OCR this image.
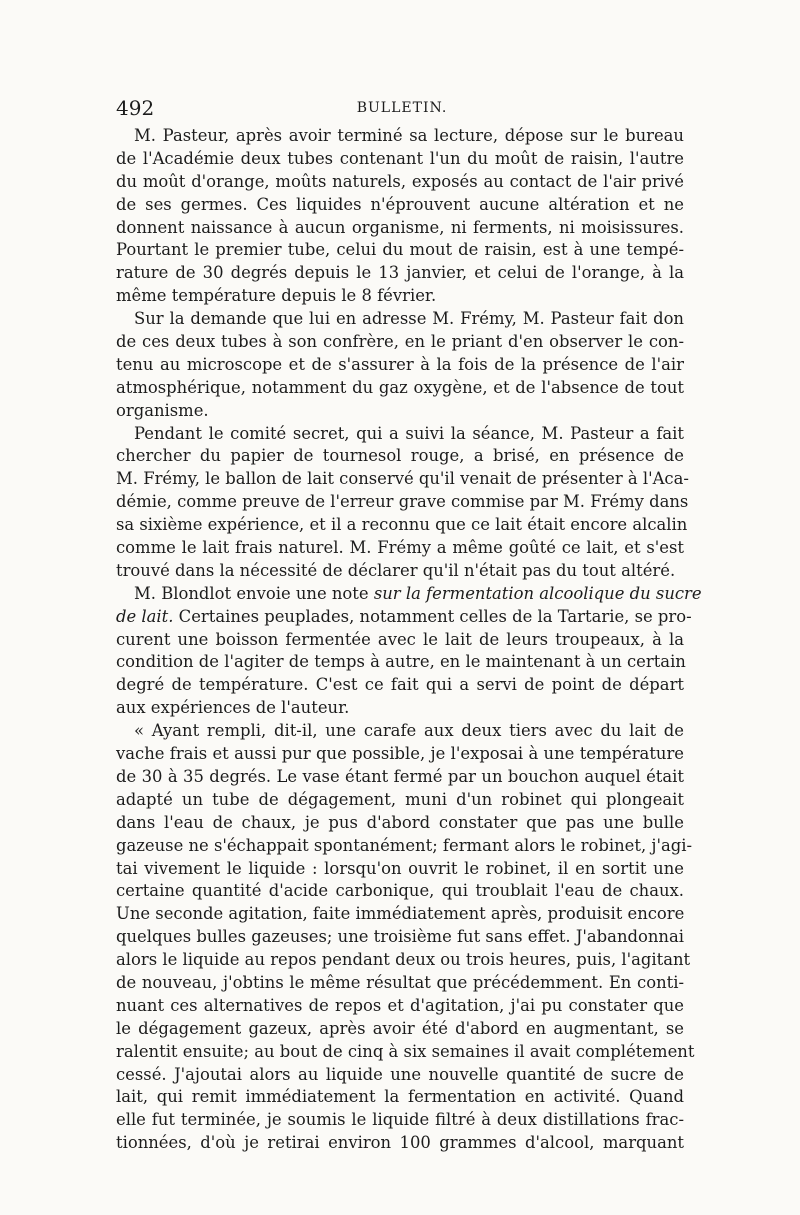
492	BULLETIN.
M. Pasteur, après avoir terminé sa lecture, dépose sur le bureau
de l'Académie deux tubes contenant l'un du moût de raisin, l'autre
du moût d'orange, moûts naturels, exposés au contact de l'air privé
de ses germes. Ces liquides n'éprouvent aucune altération et ne
donnent naissance à aucun organisme, ni ferments, ni moisissures.
Pourtant le premier tube, celui du mout de raisin, est à une tempé-
rature de 30 degrés depuis le 13 janvier, et celui de l'orange, à la
même température depuis le 8 février.
Sur la demande que lui en adresse M. Frémy, M. Pasteur fait don
de ces deux tubes à son confrère, en le priant d'en observer le con-
tenu au microscope et de s'assurer à la fois de la présence de l'air
atmosphérique, notamment du gaz oxygène, et de l'absence de tout
organisme.
Pendant le comité secret, qui a suivi la séance, M. Pasteur a fait
chercher du papier de tournesol rouge, a brisé, en présence de
M. Frémy, le ballon de lait conservé qu'il venait de présenter à l'Aca-
démie, comme preuve de l'erreur grave commise par M. Frémy dans
sa sixième expérience, et il a reconnu que ce lait était encore alcalin
comme le lait frais naturel. M. Frémy a même goûté ce lait, et s'est
trouvé dans la nécessité de déclarer qu'il n'était pas du tout altéré.
M. Blondlot envoie une note sur la fermentation alcoolique du sucre
de lait. Certaines peuplades, notamment celles de la Tartarie, se pro-
curent une boisson fermentée avec le lait de leurs troupeaux, à la
condition de l'agiter de temps à autre, en le maintenant à un certain
degré de température. C'est ce fait qui a servi de point de départ
aux expériences de l'auteur.
« Ayant rempli, dit-il, une carafe aux deux tiers avec du lait de
vache frais et aussi pur que possible, je l'exposai à une température
de 30 à 35 degrés. Le vase étant fermé par un bouchon auquel était
adapté un tube de dégagement, muni d'un robinet qui plongeait
dans l'eau de chaux, je pus d'abord constater que pas une bulle
gazeuse ne s'échappait spontanément; fermant alors le robinet, j'agi-
tai vivement le liquide : lorsqu'on ouvrit le robinet, il en sortit une
certaine quantité d'acide carbonique, qui troublait l'eau de chaux.
Une seconde agitation, faite immédiatement après, produisit encore
quelques bulles gazeuses; une troisième fut sans effet. J'abandonnai
alors le liquide au repos pendant deux ou trois heures, puis, l'agitant
de nouveau, j'obtins le même résultat que précédemment. En conti-
nuant ces alternatives de repos et d'agitation, j'ai pu constater que
le dégagement gazeux, après avoir été d'abord en augmentant, se
ralentit ensuite; au bout de cinq à six semaines il avait complétement
cessé. J'ajoutai alors au liquide une nouvelle quantité de sucre de
lait, qui remit immédiatement la fermentation en activité. Quand
elle fut terminée, je soumis le liquide filtré à deux distillations frac-
tionnées, d'où je retirai environ 100 grammes d'alcool, marquant
